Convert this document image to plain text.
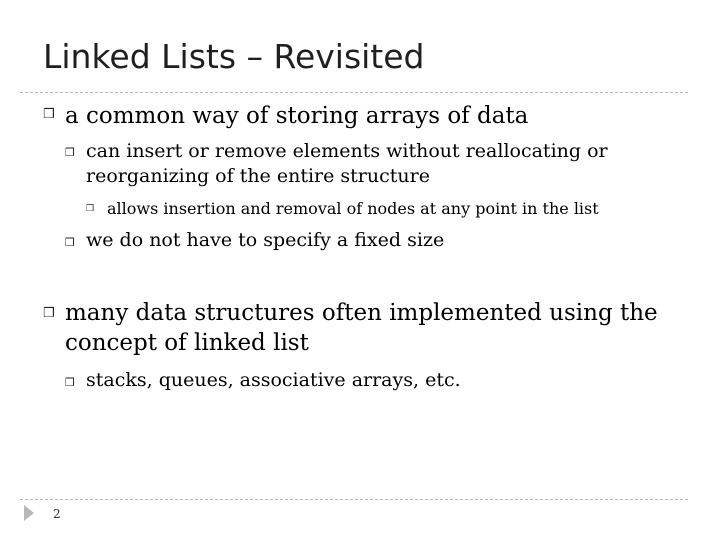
Linked Lists – Revisited
❒ a common way of storing arrays of data
❒ can insert or remove elements without reallocating or reorganizing of the entire structure
❒ allows insertion and removal of nodes at any point in the list
❒ we do not have to specify a fixed size
❒ many data structures often implemented using the concept of linked list
❒ stacks, queues, associative arrays, etc.
2
